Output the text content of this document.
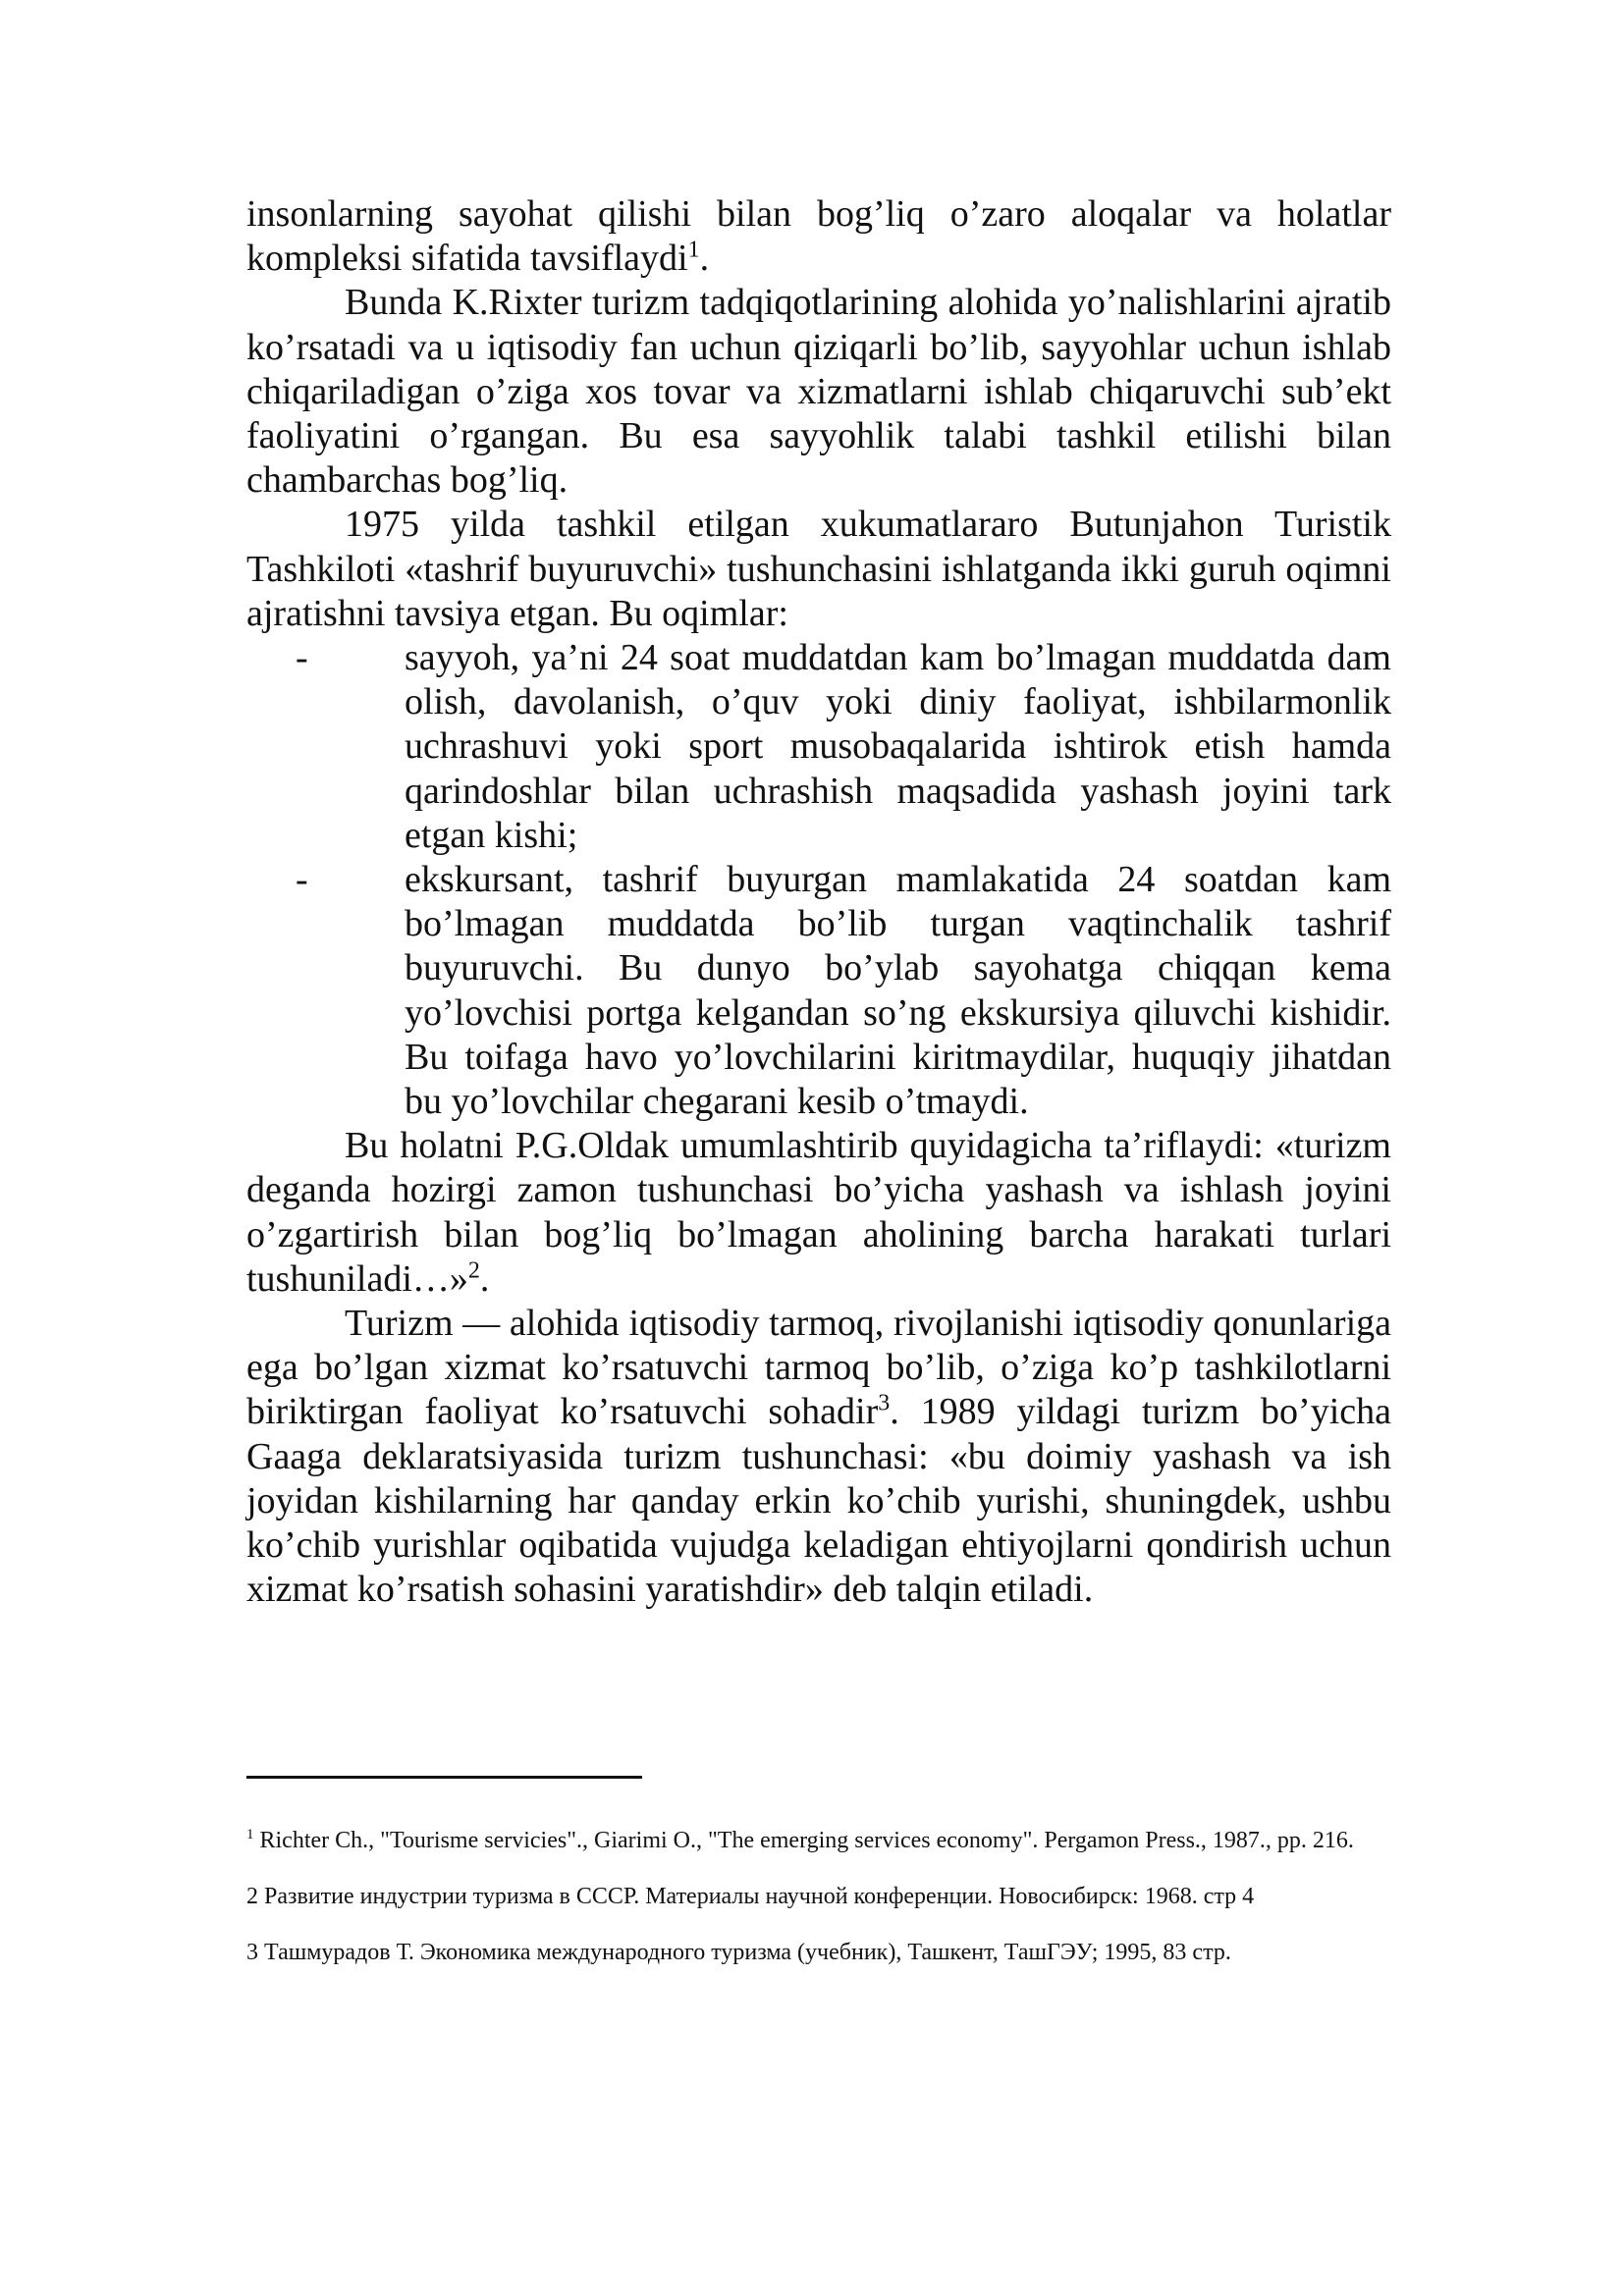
insonlarning sayohat qilishi bilan bog’liq o’zaro aloqalar va holatlar kompleksi sifatida tavsiflaydi$^1$.

Bunda K.Rixter turizm tadqiqotlarining alohida yo’nalishlarini ajratib ko’rsatadi va u iqtisodiy fan uchun qiziqarli bo’lib, sayyohlar uchun ishlab chiqariladigan o’ziga xos tovar va xizmatlarni ishlab chiqaruvchi sub’ekt faoliyatini o’rgangan. Bu esa sayyohlik talabi tashkil etilishi bilan chambarchas bog’liq.

1975 yilda tashkil etilgan xukumatlararo Butunjahon Turistik Tashkiloti «tashrif buyuruvchi» tushunchasini ishlatganda ikki guruh oqimni ajratishni tavsiya etgan. Bu oqimlar:

-	sayyoh, ya’ni 24 soat muddatdan kam bo’lmagan muddatda dam olish, davolanish, o’quv yoki diniy faoliyat, ishbilarmonlik uchrashuvi yoki sport musobaqalarida ishtirok etish hamda qarindoshlar bilan uchrashish maqsadida yashash joyini tark etgan kishi;
-	ekskursant, tashrif buyurgan mamlakatida 24 soatdan kam bo’lmagan muddatda bo’lib turgan vaqtinchalik tashrif buyuruvchi. Bu dunyo bo’ylab sayohatga chiqqan kema yo’lovchisi portga kelgandan so’ng ekskursiya qiluvchi kishidir. Bu toifaga havo yo’lovchilarini kiritmaydilar, huquqiy jihatdan bu yo’lovchilar chegarani kesib o’tmaydi.

Bu holatni P.G.Oldak umumlashtirib quyidagicha ta’riflaydi: «turizm deganda hozirgi zamon tushunchasi bo’yicha yashash va ishlash joyini o’zgartirish bilan bog’liq bo’lmagan aholining barcha harakati turlari tushuniladi…»$^2$.

Turizm — alohida iqtisodiy tarmoq, rivojlanishi iqtisodiy qonunlariga ega bo’lgan xizmat ko’rsatuvchi tarmoq bo’lib, o’ziga ko’p tashkilotlarni biriktirgan faoliyat ko’rsatuvchi sohadir$^3$. 1989 yildagi turizm bo’yicha Gaaga deklaratsiyasida turizm tushunchasi: «bu doimiy yashash va ish joyidan kishilarning har qanday erkin ko’chib yurishi, shuningdek, ushbu ko’chib yurishlar oqibatida vujudga keladigan ehtiyojlarni qondirish uchun xizmat ko’rsatish sohasini yaratishdir» deb talqin etiladi.

$^1$ Richter Ch., "Tourisme servicies"., Giarimi O., "The emerging services economy". Pergamon Press., 1987., pp. 216.

2 Развитие индустрии туризма в СССР. Материалы научной конференции. Новосибирск: 1968. стр 4

3 Ташмурадов Т. Экономика международного туризма (учебник), Ташкент, ТашГЭУ; 1995, 83 стр.
